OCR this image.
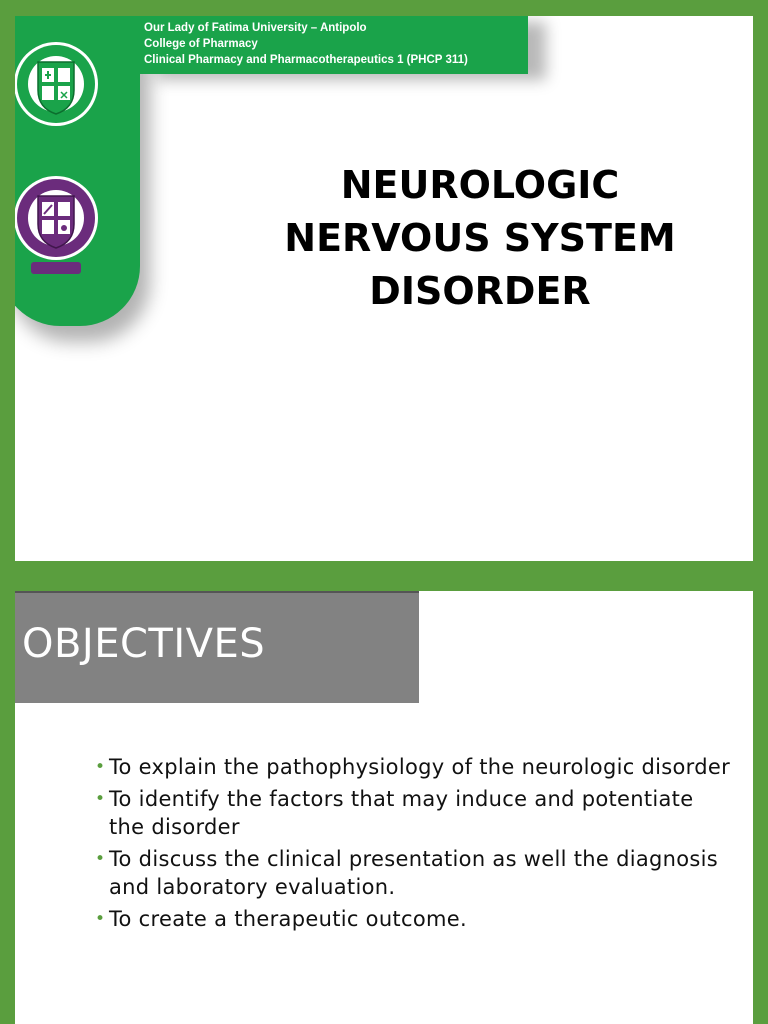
Our Lady of Fatima University – Antipolo
College of Pharmacy
Clinical Pharmacy and Pharmacotherapeutics 1 (PHCP 311)
NEUROLOGIC
NERVOUS SYSTEM
DISORDER
OBJECTIVES
• To explain the pathophysiology of the neurologic disorder
• To identify the factors that may induce and potentiate the disorder
• To discuss the clinical presentation as well the diagnosis and laboratory evaluation.
• To create a therapeutic outcome.
